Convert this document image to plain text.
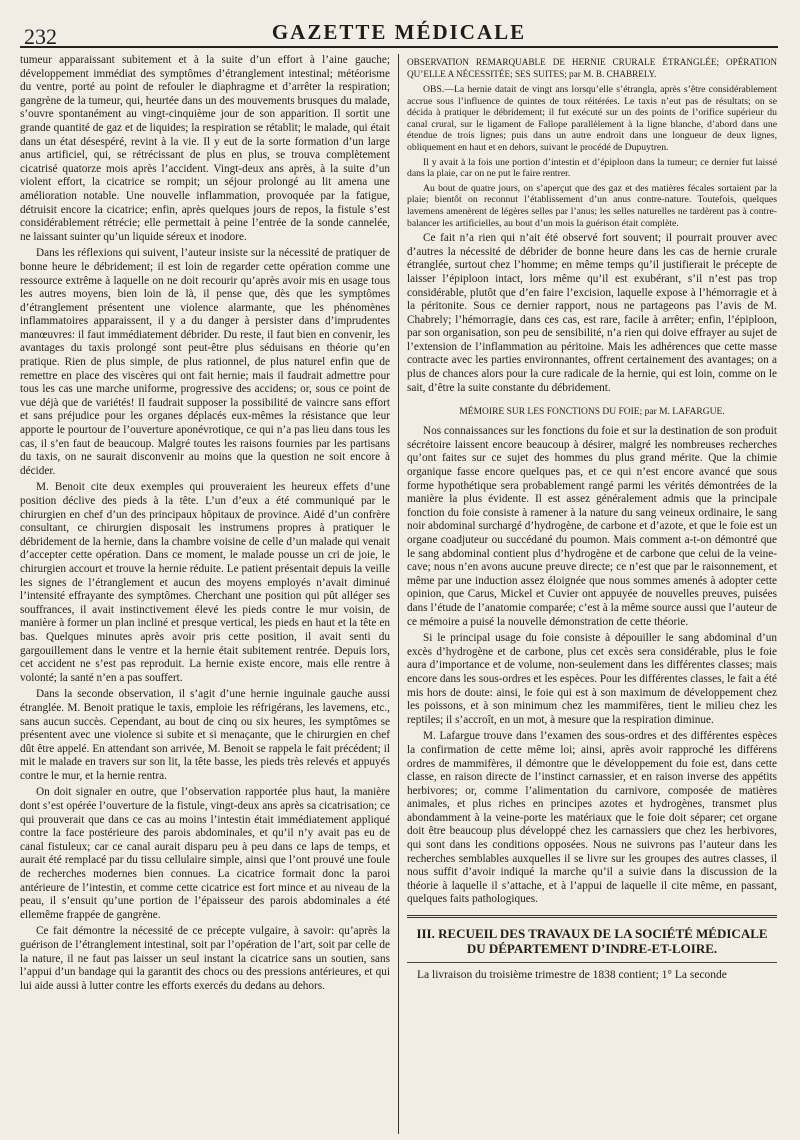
232	GAZETTE MÉDICALE

tumeur apparaissant subitement et à la suite d’un effort à l’aine gauche; développement immédiat des symptômes d’étranglement intestinal; météorisme du ventre, porté au point de refouler le diaphragme et d’arrêter la respiration; gangrène de la tumeur, qui, heurtée dans un des mouvements brusques du malade, s’ouvre spontanément au vingt-cinquième jour de son apparition. Il sortit une grande quantité de gaz et de liquides; la respiration se rétablit; le malade, qui était dans un état désespéré, revint à la vie. Il y eut de la sorte formation d’un large anus artificiel, qui, se rétrécissant de plus en plus, se trouva complètement cicatrisé quatorze mois après l’accident. Vingt-deux ans après, à la suite d’un violent effort, la cicatrice se rompit; un séjour prolongé au lit amena une amélioration notable. Une nouvelle inflammation, provoquée par la fatigue, détruisit encore la cicatrice; enfin, après quelques jours de repos, la fistule s’est considérablement rétrécie; elle permettait à peine l’entrée de la sonde cannelée, ne laissant suinter qu’un liquide séreux et inodore.

Dans les réflexions qui suivent, l’auteur insiste sur la nécessité de pratiquer de bonne heure le débridement; il est loin de regarder cette opération comme une ressource extrême à laquelle on ne doit recourir qu’après avoir mis en usage tous les autres moyens, bien loin de là, il pense que, dès que les symptômes d’étranglement présentent une violence alarmante, que les phénomènes inflammatoires apparaissent, il y a du danger à persister dans d’imprudentes manœuvres: il faut immédiatement débrider. Du reste, il faut bien en convenir, les avantages du taxis prolongé sont peut-être plus séduisans en théorie qu’en pratique. Rien de plus simple, de plus rationnel, de plus naturel enfin que de remettre en place des viscères qui ont fait hernie; mais il faudrait admettre pour tous les cas une marche uniforme, progressive des accidens; or, sous ce point de vue déjà que de variétés! Il faudrait supposer la possibilité de vaincre sans effort et sans préjudice pour les organes déplacés eux-mêmes la résistance que leur apporte le pourtour de l’ouverture aponévrotique, ce qui n’a pas lieu dans tous les cas, il s’en faut de beaucoup. Malgré toutes les raisons fournies par les partisans du taxis, on ne saurait disconvenir au moins que la question ne soit encore à décider.

M. Benoit cite deux exemples qui prouveraient les heureux effets d’une position déclive des pieds à la tête. L’un d’eux a été communiqué par le chirurgien en chef d’un des principaux hôpitaux de province. Aidé d’un confrère consultant, ce chirurgien disposait les instrumens propres à pratiquer le débridement de la hernie, dans la chambre voisine de celle d’un malade qui venait d’accepter cette opération. Dans ce moment, le malade pousse un cri de joie, le chirurgien accourt et trouve la hernie réduite. Le patient présentait depuis la veille les signes de l’étranglement et aucun des moyens employés n’avait diminué l’intensité effrayante des symptômes. Cherchant une position qui pût alléger ses souffrances, il avait instinctivement élevé les pieds contre le mur voisin, de manière à former un plan incliné et presque vertical, les pieds en haut et la tête en bas. Quelques minutes après avoir pris cette position, il avait senti du gargouillement dans le ventre et la hernie était subitement rentrée. Depuis lors, cet accident ne s’est pas reproduit. La hernie existe encore, mais elle rentre à volonté; la santé n’en a pas souffert.

Dans la seconde observation, il s’agit d’une hernie inguinale gauche aussi étranglée. M. Benoit pratique le taxis, emploie les réfrigérans, les lavemens, etc., sans aucun succès. Cependant, au bout de cinq ou six heures, les symptômes se présentent avec une violence si subite et si menaçante, que le chirurgien en chef dût être appelé. En attendant son arrivée, M. Benoit se rappela le fait précédent; il mit le malade en travers sur son lit, la tête basse, les pieds très relevés et appuyés contre le mur, et la hernie rentra.

On doit signaler en outre, que l’observation rapportée plus haut, la manière dont s’est opérée l’ouverture de la fistule, vingt-deux ans après sa cicatrisation; ce qui prouverait que dans ce cas au moins l’intestin était immédiatement appliqué contre la face postérieure des parois abdominales, et qu’il n’y avait pas eu de canal fistuleux; car ce canal aurait disparu peu à peu dans ce laps de temps, et aurait été remplacé par du tissu cellulaire simple, ainsi que l’ont prouvé une foule de recherches modernes bien connues. La cicatrice formait donc la paroi antérieure de l’intestin, et comme cette cicatrice est fort mince et au niveau de la peau, il s’ensuit qu’une portion de l’épaisseur des parois abdominales a été ellemême frappée de gangrène.

Ce fait démontre la nécessité de ce précepte vulgaire, à savoir: qu’après la guérison de l’étranglement intestinal, soit par l’opération de l’art, soit par celle de la nature, il ne faut pas laisser un seul instant la cicatrice sans un soutien, sans l’appui d’un bandage qui la garantit des chocs ou des pressions antérieures, et qui lui aide aussi à lutter contre les efforts exercés du dedans au dehors.

OBSERVATION REMARQUABLE DE HERNIE CRURALE ÉTRANGLÉE; OPÉRATION QU’ELLE A NÉCESSITÉE; SES SUITES; par M. B. CHABRELY.

OBS.—La hernie datait de vingt ans lorsqu’elle s’étrangla, après s’être considérablement accrue sous l’influence de quintes de toux réitérées. Le taxis n’eut pas de résultats; on se décida à pratiquer le débridement; il fut exécuté sur un des points de l’orifice supérieur du canal crural, sur le ligament de Fallope parallèlement à la ligne blanche, d’abord dans une étendue de trois lignes; puis dans un autre endroit dans une longueur de deux lignes, obliquement en haut et en dehors, suivant le procédé de Dupuytren.

Il y avait à la fois une portion d’intestin et d’épiploon dans la tumeur; ce dernier fut laissé dans la plaie, car on ne put le faire rentrer.

Au bout de quatre jours, on s’aperçut que des gaz et des matières fécales sortaient par la plaie; bientôt on reconnut l’établissement d’un anus contre-nature. Toutefois, quelques lavemens amenèrent de légères selles par l’anus; les selles naturelles ne tardèrent pas à contre-balancer les artificielles, au bout d’un mois la guérison était complète.

Ce fait n’a rien qui n’ait été observé fort souvent; il pourrait prouver avec d’autres la nécessité de débrider de bonne heure dans les cas de hernie crurale étranglée, surtout chez l’homme; en même temps qu’il justifierait le précepte de laisser l’épiploon intact, lors même qu’il est exubérant, s’il n’est pas trop considérable, plutôt que d’en faire l’excision, laquelle expose à l’hémorragie et à la péritonite. Sous ce dernier rapport, nous ne partageons pas l’avis de M. Chabrely; l’hémorragie, dans ces cas, est rare, facile à arrêter; enfin, l’épiploon, par son organisation, son peu de sensibilité, n’a rien qui doive effrayer au sujet de l’extension de l’inflammation au péritoine. Mais les adhérences que cette masse contracte avec les parties environnantes, offrent certainement des avantages; on a plus de chances alors pour la cure radicale de la hernie, qui est loin, comme on le sait, d’être la suite constante du débridement.

MÉMOIRE SUR LES FONCTIONS DU FOIE; par M. LAFARGUE.

Nos connaissances sur les fonctions du foie et sur la destination de son produit sécrétoire laissent encore beaucoup à désirer, malgré les nombreuses recherches qu’ont faites sur ce sujet des hommes du plus grand mérite. Que la chimie organique fasse encore quelques pas, et ce qui n’est encore avancé que sous forme hypothétique sera probablement rangé parmi les vérités démontrées de la manière la plus évidente. Il est assez généralement admis que la principale fonction du foie consiste à ramener à la nature du sang veineux ordinaire, le sang noir abdominal surchargé d’hydrogène, de carbone et d’azote, et que le foie est un organe coadjuteur ou succédané du poumon. Mais comment a-t-on démontré que le sang abdominal contient plus d’hydrogène et de carbone que celui de la veine-cave; nous n’en avons aucune preuve directe; ce n’est que par le raisonnement, et même par une induction assez éloignée que nous sommes amenés à adopter cette opinion, que Carus, Mickel et Cuvier ont appuyée de nouvelles preuves, puisées dans l’étude de l’anatomie comparée; c’est à la même source aussi que l’auteur de ce mémoire a puisé la nouvelle démonstration de cette théorie.

Si le principal usage du foie consiste à dépouiller le sang abdominal d’un excès d’hydrogène et de carbone, plus cet excès sera considérable, plus le foie aura d’importance et de volume, non-seulement dans les différentes classes; mais encore dans les sous-ordres et les espèces. Pour les différentes classes, le fait a été mis hors de doute: ainsi, le foie qui est à son maximum de développement chez les poissons, et à son minimum chez les mammifères, tient le milieu chez les reptiles; il s’accroît, en un mot, à mesure que la respiration diminue.

M. Lafargue trouve dans l’examen des sous-ordres et des différentes espèces la confirmation de cette même loi; ainsi, après avoir rapproché les différens ordres de mammifères, il démontre que le développement du foie est, dans cette classe, en raison directe de l’instinct carnassier, et en raison inverse des appétits herbivores; or, comme l’alimentation du carnivore, composée de matières animales, et plus riches en principes azotes et hydrogènes, transmet plus abondamment à la veine-porte les matériaux que le foie doit séparer; cet organe doit être beaucoup plus développé chez les carnassiers que chez les herbivores, qui sont dans les conditions opposées. Nous ne suivrons pas l’auteur dans les recherches semblables auxquelles il se livre sur les groupes des autres classes, il nous suffit d’avoir indiqué la marche qu’il a suivie dans la discussion de la théorie à laquelle il s’attache, et à l’appui de laquelle il cite même, en passant, quelques faits pathologiques.

III. RECUEIL DES TRAVAUX DE LA SOCIÉTÉ MÉDICALE DU DÉPARTEMENT D’INDRE-ET-LOIRE.

La livraison du troisième trimestre de 1838 contient; 1° La seconde
